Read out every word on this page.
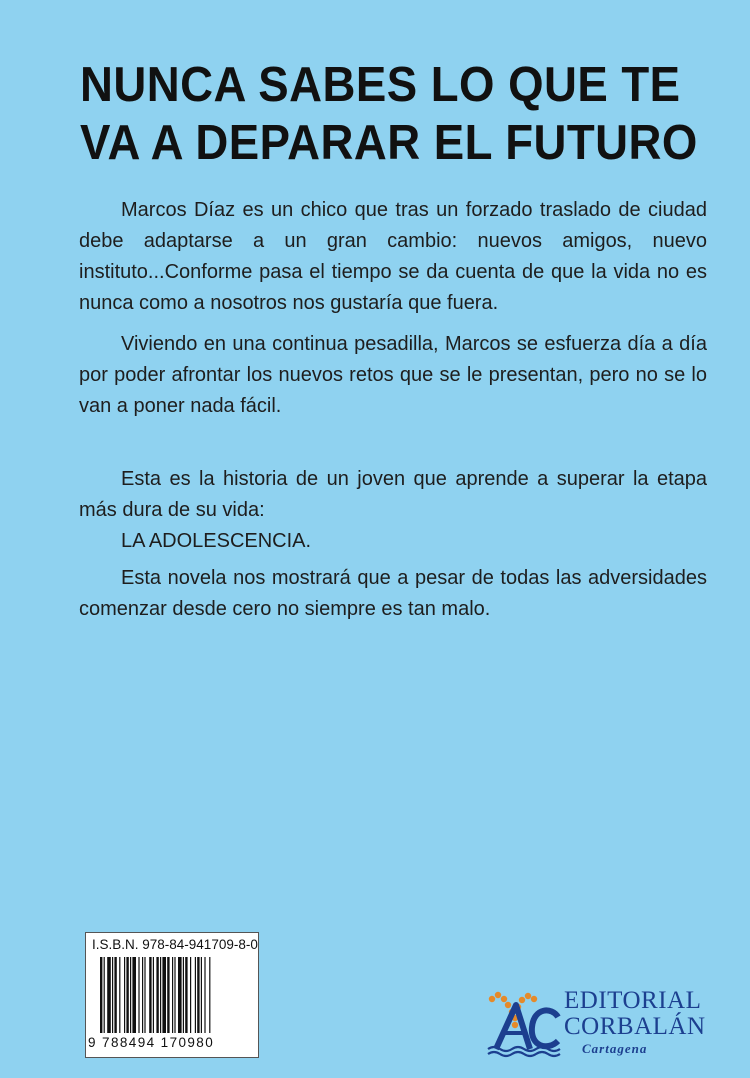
NUNCA SABES LO QUE TE
VA A DEPARAR EL FUTURO

Marcos Díaz es un chico que tras un forzado traslado de ciudad debe adaptarse a un gran cambio: nuevos amigos, nuevo instituto...Conforme pasa el tiempo se da cuenta de que la vida no es nunca como a nosotros nos gustaría que fuera.

Viviendo en una continua pesadilla, Marcos se esfuerza día a día por poder afrontar los nuevos retos que se le presentan, pero no se lo van a poner nada fácil.

Esta es la historia de un joven que aprende a superar la etapa más dura de su vida:

LA ADOLESCENCIA.

Esta novela nos mostrará que a pesar de todas las adversidades comenzar desde cero no siempre es tan malo.

I.S.B.N. 978-84-941709-8-0
9 788494 170980
EDITORIAL
CORBALÁN
Cartagena
